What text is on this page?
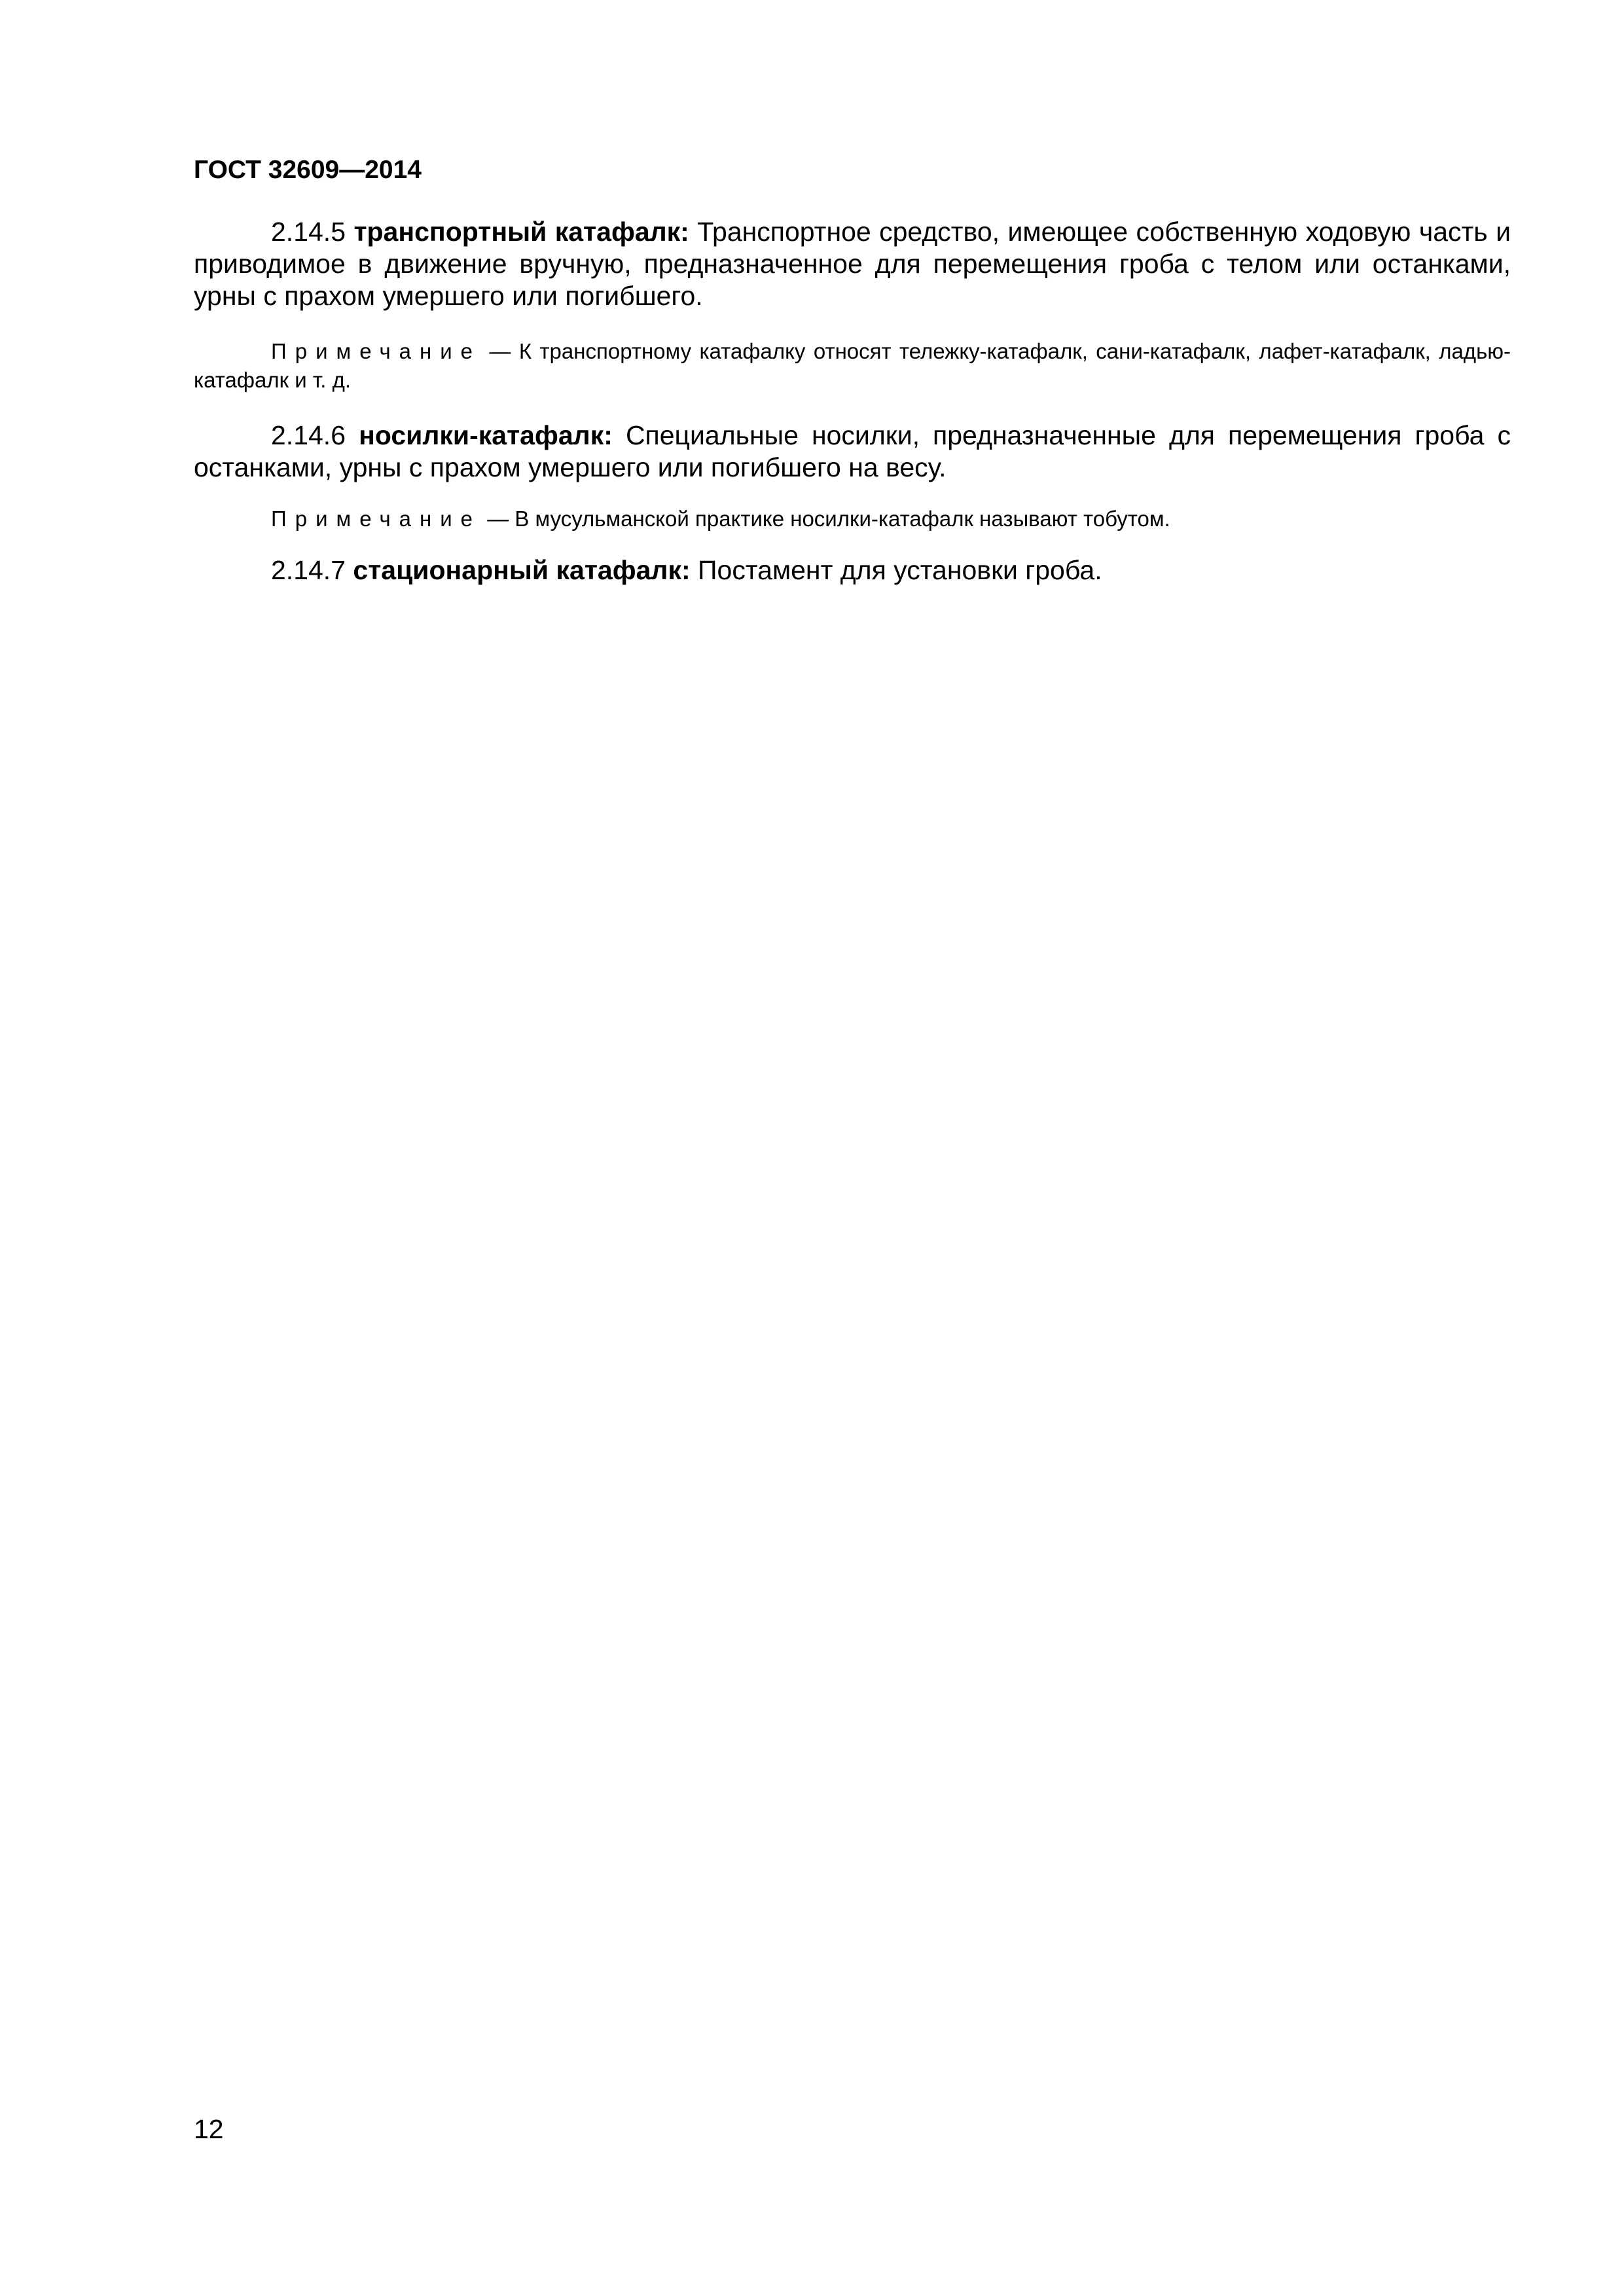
ГОСТ 32609—2014

2.14.5 транспортный катафалк: Транспортное средство, имеющее собственную ходовую часть и приводимое в движение вручную, предназначенное для перемещения гроба с телом или останками, урны с прахом умершего или погибшего.

Примечание — К транспортному катафалку относят тележку-катафалк, сани-катафалк, лафет-катафалк, ладью-катафалк и т. д.

2.14.6 носилки-катафалк: Специальные носилки, предназначенные для перемещения гроба с останками, урны с прахом умершего или погибшего на весу.

Примечание — В мусульманской практике носилки-катафалк называют тобутом.

2.14.7 стационарный катафалк: Постамент для установки гроба.

12
